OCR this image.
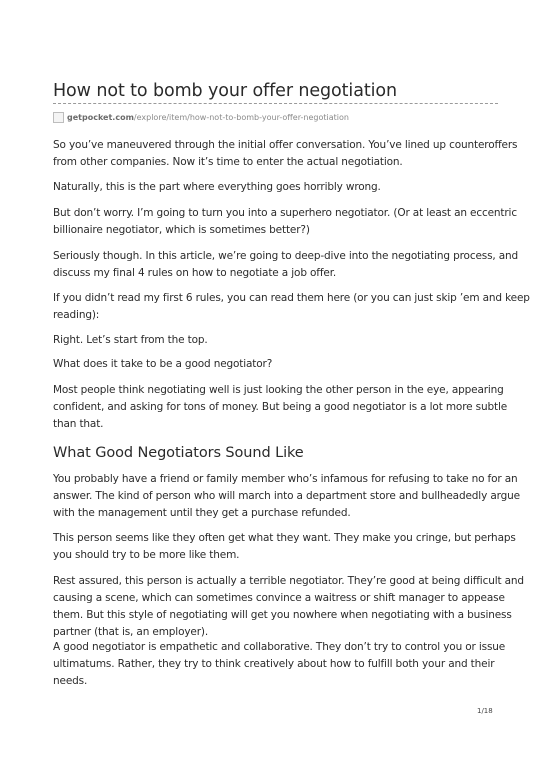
How not to bomb your offer negotiation
getpocket.com /explore/item/how-not-to-bomb-your-offer-negotiation

So you’ve maneuvered through the initial offer conversation. You’ve lined up counteroffers
from other companies. Now it’s time to enter the actual negotiation.

Naturally, this is the part where everything goes horribly wrong.

But don’t worry. I’m going to turn you into a superhero negotiator. (Or at least an eccentric
billionaire negotiator, which is sometimes better?)

Seriously though. In this article, we’re going to deep-dive into the negotiating process, and
discuss my final 4 rules on how to negotiate a job offer.

If you didn’t read my first 6 rules, you can read them here (or you can just skip ’em and keep
reading):

Right. Let’s start from the top.

What does it take to be a good negotiator?

Most people think negotiating well is just looking the other person in the eye, appearing
confident, and asking for tons of money. But being a good negotiator is a lot more subtle
than that.

What Good Negotiators Sound Like

You probably have a friend or family member who’s infamous for refusing to take no for an
answer. The kind of person who will march into a department store and bullheadedly argue
with the management until they get a purchase refunded.

This person seems like they often get what they want. They make you cringe, but perhaps
you should try to be more like them.

Rest assured, this person is actually a terrible negotiator. They’re good at being difficult and
causing a scene, which can sometimes convince a waitress or shift manager to appease
them. But this style of negotiating will get you nowhere when negotiating with a business
partner (that is, an employer).

A good negotiator is empathetic and collaborative. They don’t try to control you or issue
ultimatums. Rather, they try to think creatively about how to fulfill both your and their
needs.

1/18
